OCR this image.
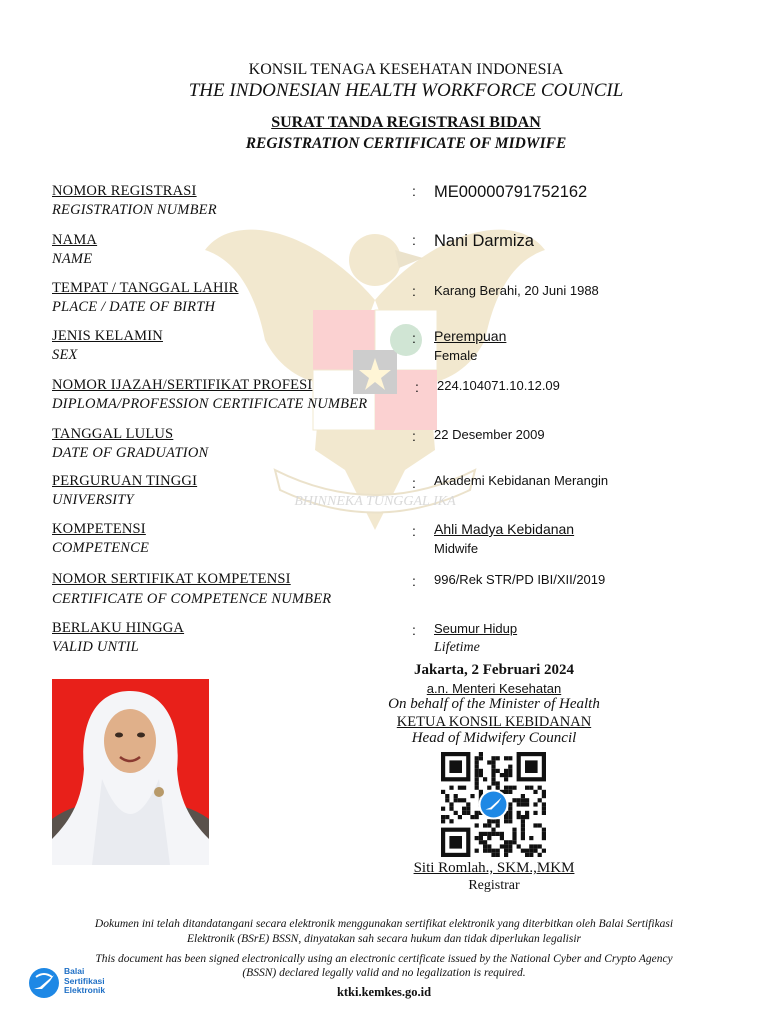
BHINNEKA TUNGGAL IKA
KONSIL TENAGA KESEHATAN INDONESIA
THE INDONESIAN HEALTH WORKFORCE COUNCIL
SURAT TANDA REGISTRASI BIDAN
REGISTRATION CERTIFICATE OF MIDWIFE
NOMOR REGISTRASI
REGISTRATION NUMBER
: ME00000791752162
NAMA
NAME
: Nani Darmiza
TEMPAT / TANGGAL LAHIR
PLACE / DATE OF BIRTH
: Karang Berahi, 20 Juni 1988
JENIS KELAMIN
SEX
: Perempuan
Female
NOMOR IJAZAH/SERTIFIKAT PROFESI
DIPLOMA/PROFESSION CERTIFICATE NUMBER
: 224.104071.10.12.09
TANGGAL LULUS
DATE OF GRADUATION
: 22 Desember 2009
PERGURUAN TINGGI
UNIVERSITY
: Akademi Kebidanan Merangin
KOMPETENSI
COMPETENCE
: Ahli Madya Kebidanan
Midwife
NOMOR SERTIFIKAT KOMPETENSI
CERTIFICATE OF COMPETENCE NUMBER
: 996/Rek STR/PD IBI/XII/2019
BERLAKU HINGGA
VALID UNTIL
: Seumur Hidup
Lifetime
Jakarta, 2 Februari 2024
a.n. Menteri Kesehatan
On behalf of the Minister of Health
KETUA KONSIL KEBIDANAN
Head of Midwifery Council
Siti Romlah., SKM.,MKM
Registrar
Dokumen ini telah ditandatangani secara elektronik menggunakan sertifikat elektronik yang diterbitkan oleh Balai Sertifikasi
Elektronik (BSrE) BSSN, dinyatakan sah secara hukum dan tidak diperlukan legalisir
This document has been signed electronically using an electronic certificate issued by the National Cyber and Crypto Agency
(BSSN) declared legally valid and no legalization is required.
Balai
Sertifikasi
Elektronik	ktki.kemkes.go.id
